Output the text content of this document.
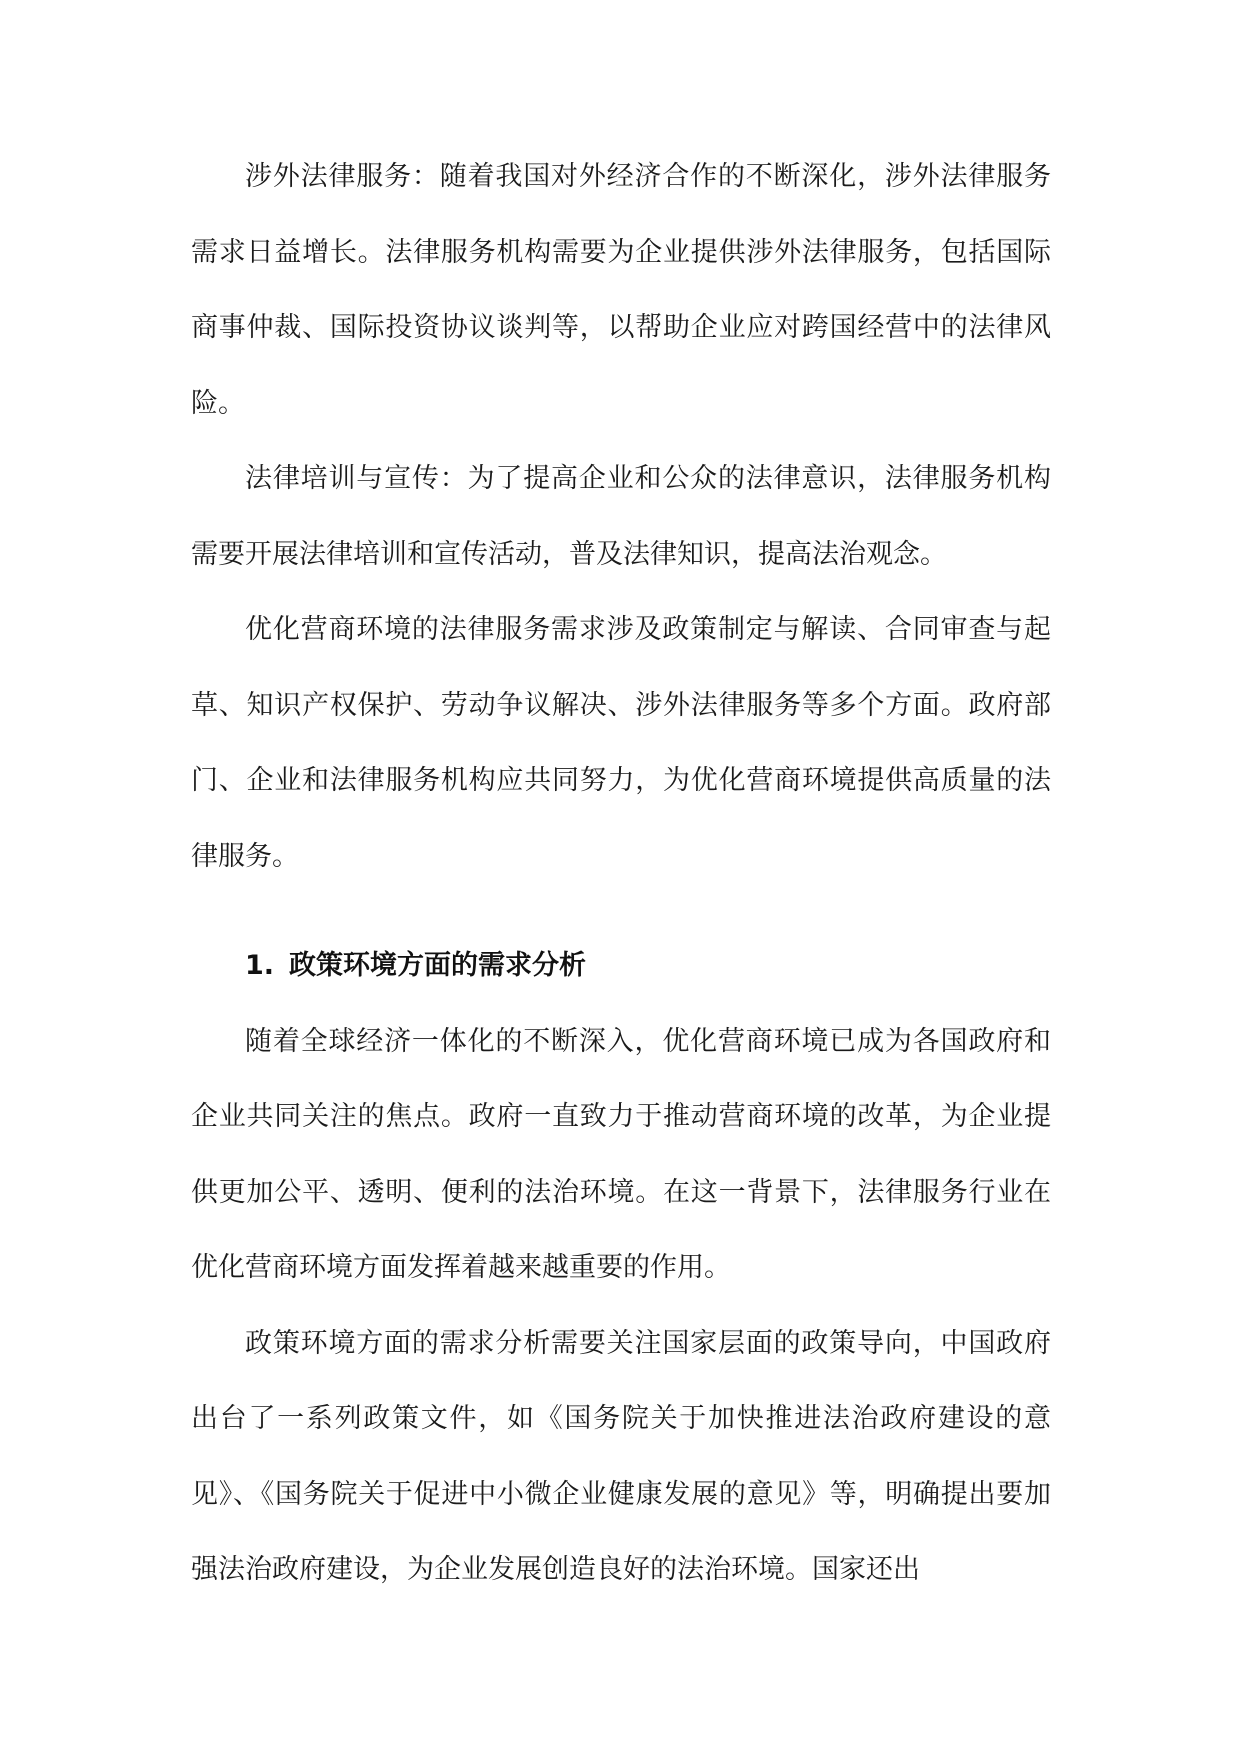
涉外法律服务：随着我国对外经济合作的不断深化，涉外法律服务需求日益增长。法律服务机构需要为企业提供涉外法律服务，包括国际商事仲裁、国际投资协议谈判等，以帮助企业应对跨国经营中的法律风险。

法律培训与宣传：为了提高企业和公众的法律意识，法律服务机构需要开展法律培训和宣传活动，普及法律知识，提高法治观念。

优化营商环境的法律服务需求涉及政策制定与解读、合同审查与起草、知识产权保护、劳动争议解决、涉外法律服务等多个方面。政府部门、企业和法律服务机构应共同努力，为优化营商环境提供高质量的法律服务。

1. 政策环境方面的需求分析

随着全球经济一体化的不断深入，优化营商环境已成为各国政府和企业共同关注的焦点。政府一直致力于推动营商环境的改革，为企业提供更加公平、透明、便利的法治环境。在这一背景下，法律服务行业在优化营商环境方面发挥着越来越重要的作用。

政策环境方面的需求分析需要关注国家层面的政策导向，中国政府出台了一系列政策文件，如《国务院关于加快推进法治政府建设的意见》、《国务院关于促进中小微企业健康发展的意见》等，明确提出要加强法治政府建设，为企业发展创造良好的法治环境。国家还出
